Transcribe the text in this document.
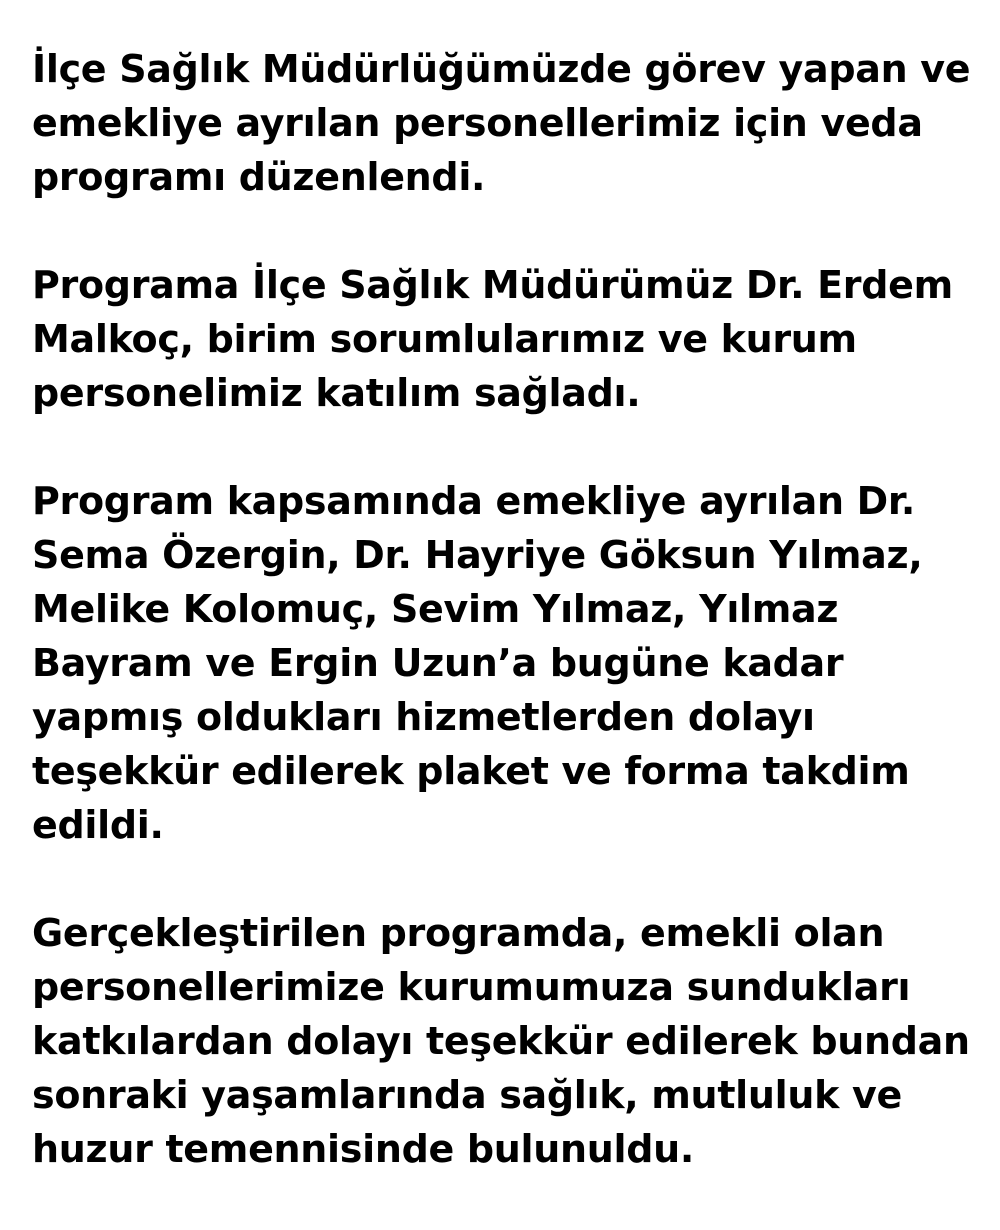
İlçe Sağlık Müdürlüğümüzde görev yapan ve
emekliye ayrılan personellerimiz için veda
programı düzenlendi.
Programa İlçe Sağlık Müdürümüz Dr. Erdem
Malkoç, birim sorumlularımız ve kurum
personelimiz katılım sağladı.
Program kapsamında emekliye ayrılan Dr.
Sema Özergin, Dr. Hayriye Göksun Yılmaz,
Melike Kolomuç, Sevim Yılmaz, Yılmaz
Bayram ve Ergin Uzun’a bugüne kadar
yapmış oldukları hizmetlerden dolayı
teşekkür edilerek plaket ve forma takdim
edildi.
Gerçekleştirilen programda, emekli olan
personellerimize kurumumuza sundukları
katkılardan dolayı teşekkür edilerek bundan
sonraki yaşamlarında sağlık, mutluluk ve
huzur temennisinde bulunuldu.
